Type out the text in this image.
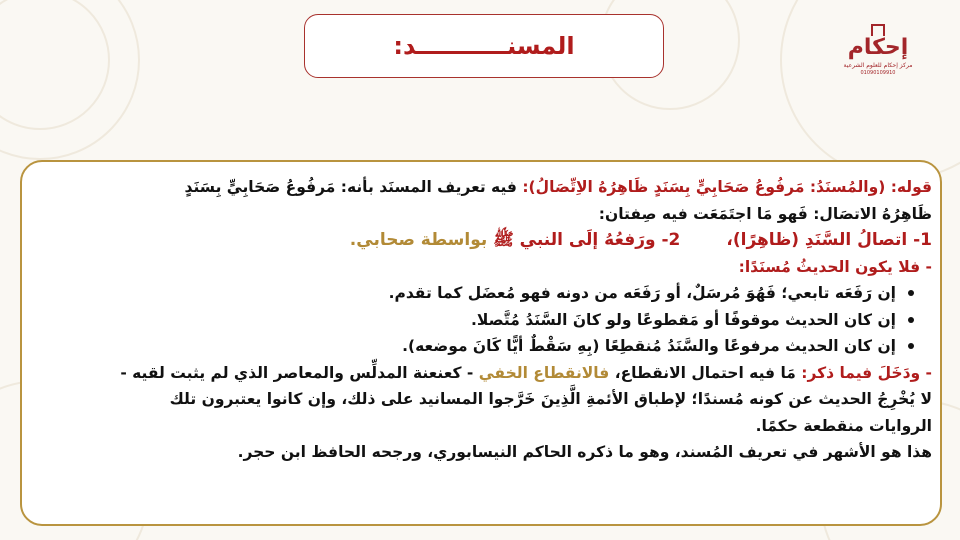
المسنـــــــــــد:	إحكام
مركز إحكام للعلوم الشرعية
01090109910
قوله: (والمُسنَدُ: مَرفُوعُ صَحَابِيٍّ بِسَنَدٍ ظَاهِرُهُ الاِتِّصَالُ): فيه تعريف المسنَد بأنه: مَرفُوعُ صَحَابِيٍّ بِسَنَدٍ
ظَاهِرُهُ الاتصَال: فَهو مَا اجتَمَعَت فيه صِفتان:
1- اتصالُ السَّنَدِ (ظاهِرًا)،2- ورَفعُهُ إلَى النبي ﷺ بواسطة صحابي.
- فلا يكون الحديثُ مُسنَدًا:
إن رَفَعَه تابعي؛ فَهُوَ مُرسَلٌ، أو رَفَعَه من دونه فهو مُعضَل كما تقدم.
إن كان الحديث موقوفًا أو مَقطوعًا ولو كانَ السَّنَدُ مُتَّصلا.
إن كان الحديث مرفوعًا والسَّنَدُ مُنقطِعًا (بِهِ سَقْطٌ أيًّا كَانَ موضعه).
- ودَخَلَ فيما ذكر: مَا فيه احتمال الانقطاع، فالانقطاع الخفي - كعنعنة المدلِّس والمعاصر الذي لم يثبت لقيه -
لا يُخْرِجُ الحديث عن كونه مُسندًا؛ لإطباق الأئمةِ الَّذِينَ خَرَّجوا المسانيد على ذلك، وإن كانوا يعتبرون تلك
الروايات منقطعة حكمًا.
هذا هو الأشهر في تعريف المُسند، وهو ما ذكره الحاكم النيسابوري، ورجحه الحافظ ابن حجر.
